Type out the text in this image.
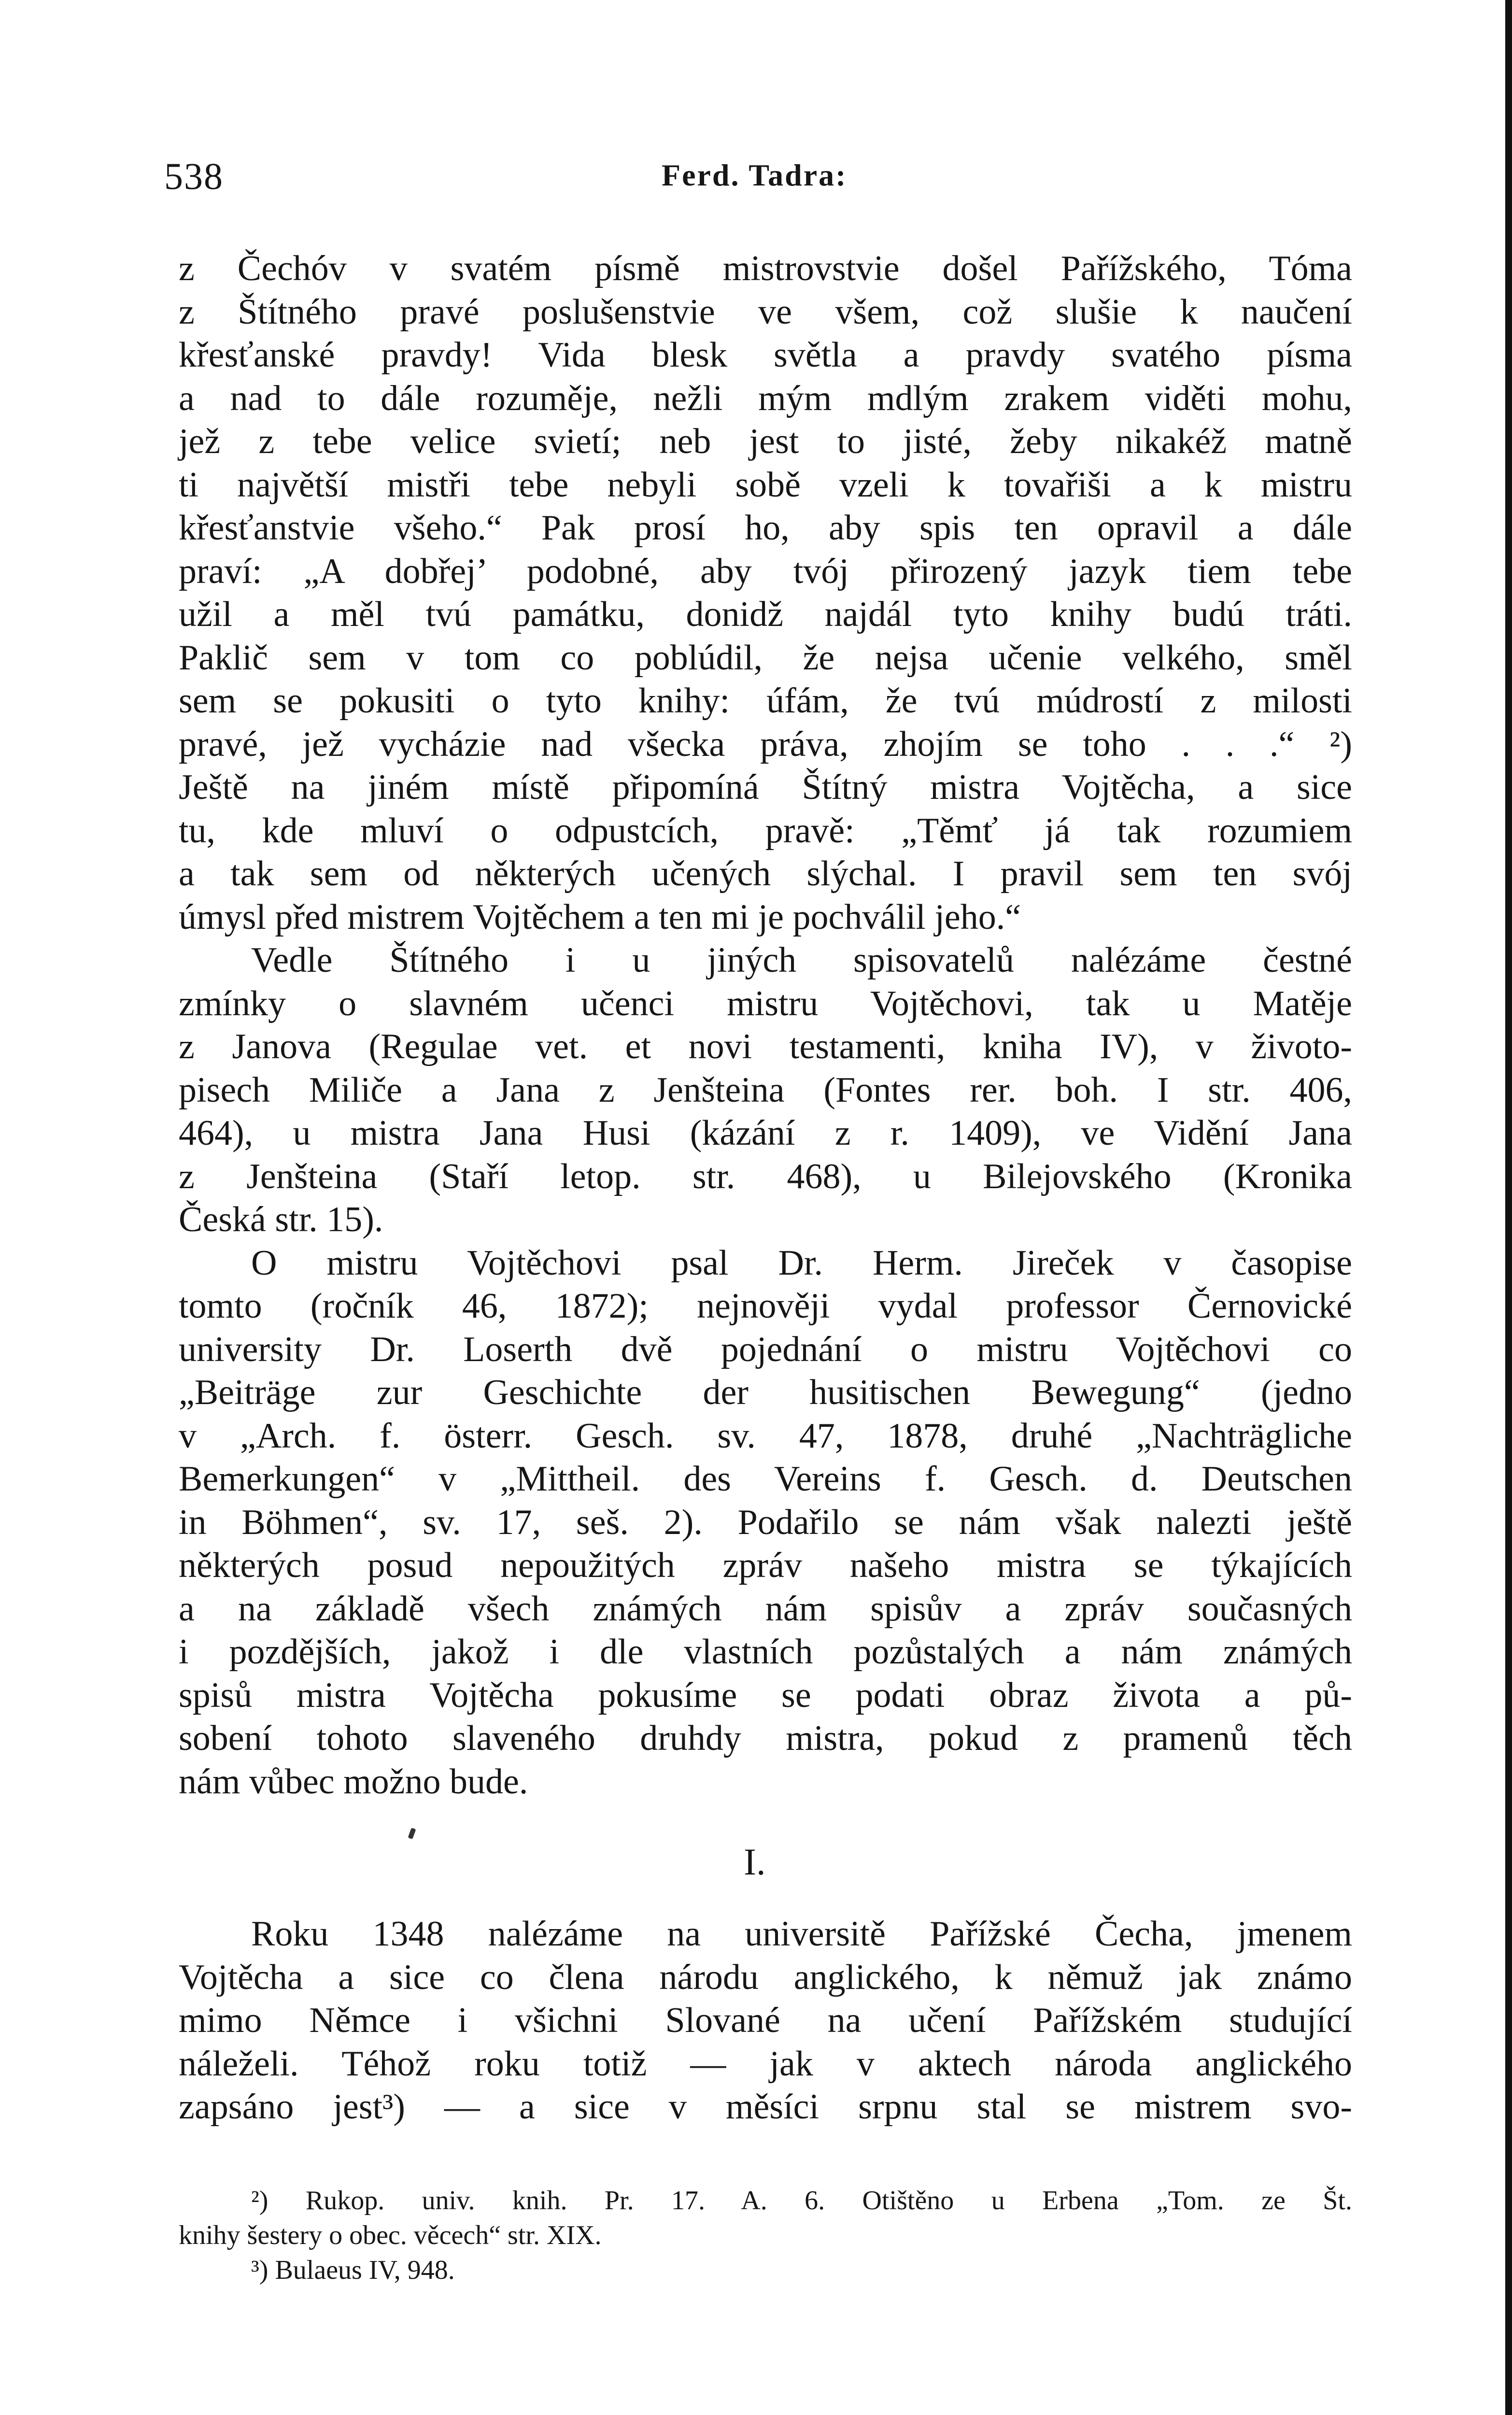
538	Ferd. Tadra:
z Čechóv v svatém písmě mistrovstvie došel Pařížského, Tóma
z Štítného pravé poslušenstvie ve všem, což slušie k naučení
křesťanské pravdy! Vida blesk světla a pravdy svatého písma
a nad to dále rozuměje, nežli mým mdlým zrakem viděti mohu,
jež z tebe velice svietí; neb jest to jisté, žeby nikakéž matně
ti najvětší mistři tebe nebyli sobě vzeli k tovařiši a k mistru
křesťanstvie všeho.“ Pak prosí ho, aby spis ten opravil a dále
praví: „A dobřej’ podobné, aby tvój přirozený jazyk tiem tebe
užil a měl tvú památku, donidž najdál tyto knihy budú tráti.
Paklič sem v tom co poblúdil, že nejsa učenie velkého, směl
sem se pokusiti o tyto knihy: úfám, že tvú múdrostí z milosti
pravé, jež vycházie nad všecka práva, zhojím se toho . . .“ ²)
Ještě na jiném místě připomíná Štítný mistra Vojtěcha, a sice
tu, kde mluví o odpustcích, pravě: „Těmť já tak rozumiem
a tak sem od některých učených slýchal. I pravil sem ten svój
úmysl před mistrem Vojtěchem a ten mi je pochválil jeho.“
Vedle Štítného i u jiných spisovatelů nalézáme čestné
zmínky o slavném učenci mistru Vojtěchovi, tak u Matěje
z Janova (Regulae vet. et novi testamenti, kniha IV), v životo-
pisech Miliče a Jana z Jenšteina (Fontes rer. boh. I str. 406,
464), u mistra Jana Husi (kázání z r. 1409), ve Vidění Jana
z Jenšteina (Staří letop. str. 468), u Bilejovského (Kronika
Česká str. 15).
O mistru Vojtěchovi psal Dr. Herm. Jireček v časopise
tomto (ročník 46, 1872); nejnověji vydal professor Černovické
university Dr. Loserth dvě pojednání o mistru Vojtěchovi co
„Beiträge zur Geschichte der husitischen Bewegung“ (jedno
v „Arch. f. österr. Gesch. sv. 47, 1878, druhé „Nachträgliche
Bemerkungen“ v „Mittheil. des Vereins f. Gesch. d. Deutschen
in Böhmen“, sv. 17, seš. 2). Podařilo se nám však nalezti ještě
některých posud nepoužitých zpráv našeho mistra se týkajících
a na základě všech známých nám spisův a zpráv současných
i pozdějších, jakož i dle vlastních pozůstalých a nám známých
spisů mistra Vojtěcha pokusíme se podati obraz života a pů-
sobení tohoto slaveného druhdy mistra, pokud z pramenů těch
nám vůbec možno bude.
I.
Roku 1348 nalézáme na universitě Pařížské Čecha, jmenem
Vojtěcha a sice co člena národu anglického, k němuž jak známo
mimo Němce i všichni Slované na učení Pařížském studující
náleželi. Téhož roku totiž — jak v aktech národa anglického
zapsáno jest³) — a sice v měsíci srpnu stal se mistrem svo-
²) Rukop. univ. knih. Pr. 17. A. 6. Otištěno u Erbena „Tom. ze Št.
knihy šestery o obec. věcech“ str. XIX.
³) Bulaeus IV, 948.
